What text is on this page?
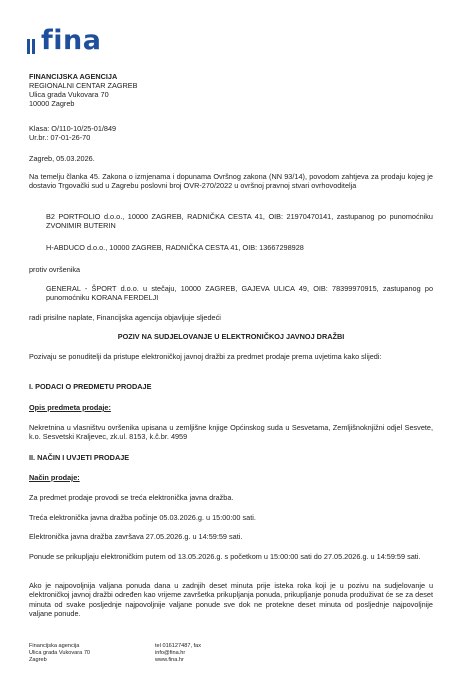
fina
FINANCIJSKA AGENCIJA
REGIONALNI CENTAR ZAGREB
Ulica grada Vukovara 70
10000 Zagreb
Klasa: O/110-10/25-01/849
Ur.br.: 07-01-26-70

Zagreb, 05.03.2026.

Na temelju članka 45. Zakona o izmjenama i dopunama Ovršnog zakona (NN 93/14), povodom zahtjeva za prodaju kojeg je dostavio Trgovački sud u Zagrebu poslovni broj OVR-270/2022 u ovršnoj pravnoj stvari ovrhovoditelja

B2 PORTFOLIO d.o.o., 10000 ZAGREB, RADNIČKA CESTA 41, OIB: 21970470141, zastupanog po punomoćniku ZVONIMIR BUTERIN

H-ABDUCO d.o.o., 10000 ZAGREB, RADNIČKA CESTA 41, OIB: 13667298928

protiv ovršenika

GENERAL - ŠPORT d.o.o. u stečaju, 10000 ZAGREB, GAJEVA ULICA 49, OIB: 78399970915, zastupanog po punomoćniku KORANA FERDELJI

radi prisilne naplate, Financijska agencija objavljuje sljedeći

POZIV NA SUDJELOVANJE U ELEKTRONIČKOJ JAVNOJ DRAŽBI

Pozivaju se ponuditelji da pristupe elektroničkoj javnoj dražbi za predmet prodaje prema uvjetima kako slijedi:

I. PODACI O PREDMETU PRODAJE

Opis predmeta prodaje:

Nekretnina u vlasništvu ovršenika upisana u zemljišne knjige Općinskog suda u Sesvetama, Zemljišnoknjižni odjel Sesvete, k.o. Sesvetski Kraljevec, zk.ul. 8153, k.č.br. 4959

II. NAČIN I UVJETI PRODAJE

Način prodaje:

Za predmet prodaje provodi se treća elektronička javna dražba.

Treća elektronička javna dražba počinje 05.03.2026.g. u 15:00:00 sati.

Elektronička javna dražba završava 27.05.2026.g. u 14:59:59 sati.

Ponude se prikupljaju elektroničkim putem od 13.05.2026.g. s početkom u 15:00:00 sati do 27.05.2026.g. u 14:59:59 sati.

Ako je najpovoljnija valjana ponuda dana u zadnjih deset minuta prije isteka roka koji je u pozivu na sudjelovanje u elektroničkoj javnoj dražbi određen kao vrijeme završetka prikupljanja ponuda, prikupljanje ponuda produživat će se za deset minuta od svake posljednje najpovoljnije valjane ponude sve dok ne protekne deset minuta od posljednje najpovoljnije valjane ponude.

Financijska agencija
Ulica grada Vukovara 70
Zagreb
tel 016127487, fax
info@fina.hr
www.fina.hr
